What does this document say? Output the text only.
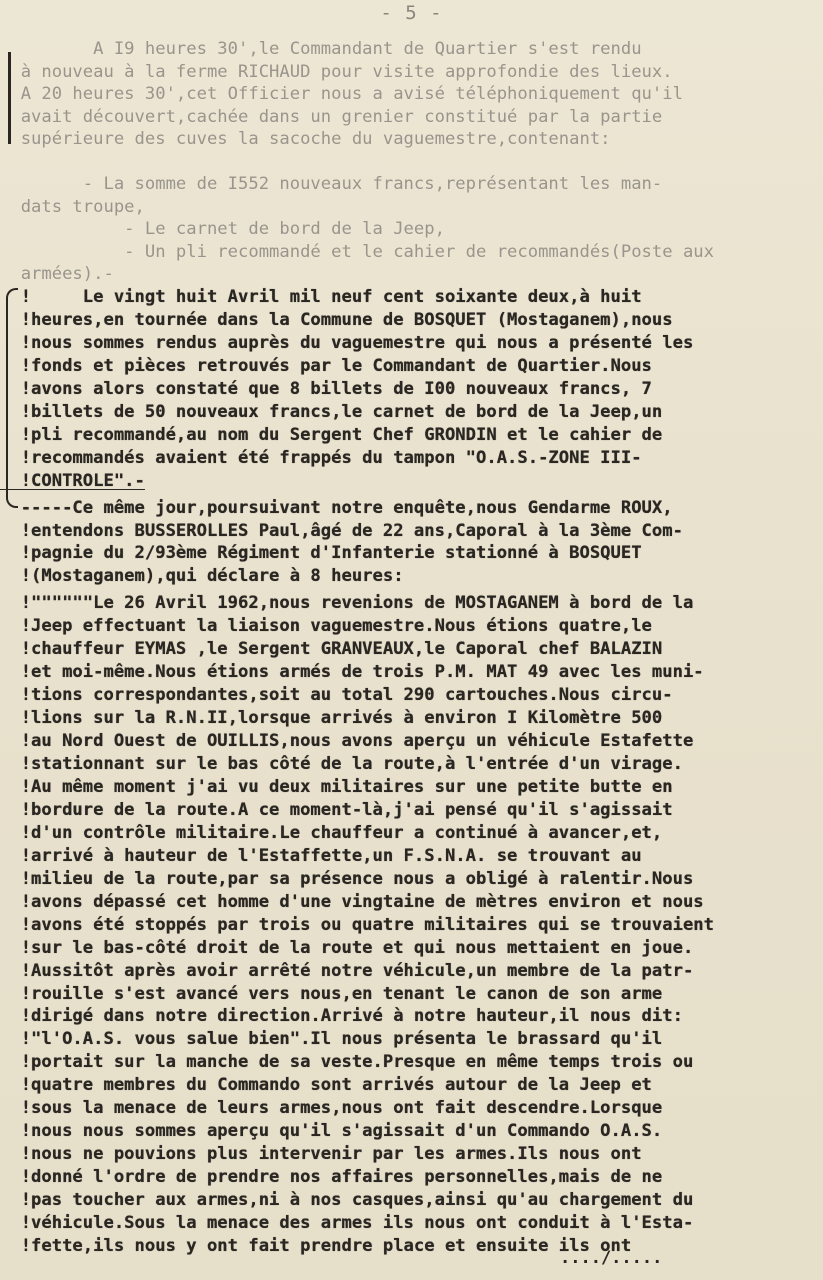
- 5 -
A I9 heures 30',le Commandant de Quartier s'est rendu
à nouveau à la ferme RICHAUD pour visite approfondie des lieux.
A 20 heures 30',cet Officier nous a avisé téléphoniquement qu'il
avait découvert,cachée dans un grenier constitué par la partie
supérieure des cuves la sacoche du vaguemestre,contenant:
- La somme de I552 nouveaux francs,représentant les man-
dats troupe,
- Le carnet de bord de la Jeep,
- Un pli recommandé et le cahier de recommandés(Poste aux
armées).-
!     Le vingt huit Avril mil neuf cent soixante deux,à huit
!heures,en tournée dans la Commune de BOSQUET (Mostaganem),nous
!nous sommes rendus auprès du vaguemestre qui nous a présenté les
!fonds et pièces retrouvés par le Commandant de Quartier.Nous
!avons alors constaté que 8 billets de I00 nouveaux francs, 7
!billets de 50 nouveaux francs,le carnet de bord de la Jeep,un
!pli recommandé,au nom du Sergent Chef GRONDIN et le cahier de
!recommandés avaient été frappés du tampon "O.A.S.-ZONE III-
!CONTROLE".-
-----Ce même jour,poursuivant notre enquête,nous Gendarme ROUX,
!entendons BUSSEROLLES Paul,âgé de 22 ans,Caporal à la 3ème Com-
!pagnie du 2/93ème Régiment d'Infanterie stationné à BOSQUET
!(Mostaganem),qui déclare à 8 heures:
!""""""Le 26 Avril 1962,nous revenions de MOSTAGANEM à bord de la
!Jeep effectuant la liaison vaguemestre.Nous étions quatre,le
!chauffeur EYMAS ,le Sergent GRANVEAUX,le Caporal chef BALAZIN
!et moi-même.Nous étions armés de trois P.M. MAT 49 avec les muni-
!tions correspondantes,soit au total 290 cartouches.Nous circu-
!lions sur la R.N.II,lorsque arrivés à environ I Kilomètre 500
!au Nord Ouest de OUILLIS,nous avons aperçu un véhicule Estafette
!stationnant sur le bas côté de la route,à l'entrée d'un virage.
!Au même moment j'ai vu deux militaires sur une petite butte en
!bordure de la route.A ce moment-là,j'ai pensé qu'il s'agissait
!d'un contrôle militaire.Le chauffeur a continué à avancer,et,
!arrivé à hauteur de l'Estaffette,un F.S.N.A. se trouvant au
!milieu de la route,par sa présence nous a obligé à ralentir.Nous
!avons dépassé cet homme d'une vingtaine de mètres environ et nous
!avons été stoppés par trois ou quatre militaires qui se trouvaient
!sur le bas-côté droit de la route et qui nous mettaient en joue.
!Aussitôt après avoir arrêté notre véhicule,un membre de la patr-
!rouille s'est avancé vers nous,en tenant le canon de son arme
!dirigé dans notre direction.Arrivé à notre hauteur,il nous dit:
!"l'O.A.S. vous salue bien".Il nous présenta le brassard qu'il
!portait sur la manche de sa veste.Presque en même temps trois ou
!quatre membres du Commando sont arrivés autour de la Jeep et
!sous la menace de leurs armes,nous ont fait descendre.Lorsque
!nous nous sommes aperçu qu'il s'agissait d'un Commando O.A.S.
!nous ne pouvions plus intervenir par les armes.Ils nous ont
!donné l'ordre de prendre nos affaires personnelles,mais de ne
!pas toucher aux armes,ni à nos casques,ainsi qu'au chargement du
!véhicule.Sous la menace des armes ils nous ont conduit à l'Esta-
!fette,ils nous y ont fait prendre place et ensuite ils ont
..../.....
